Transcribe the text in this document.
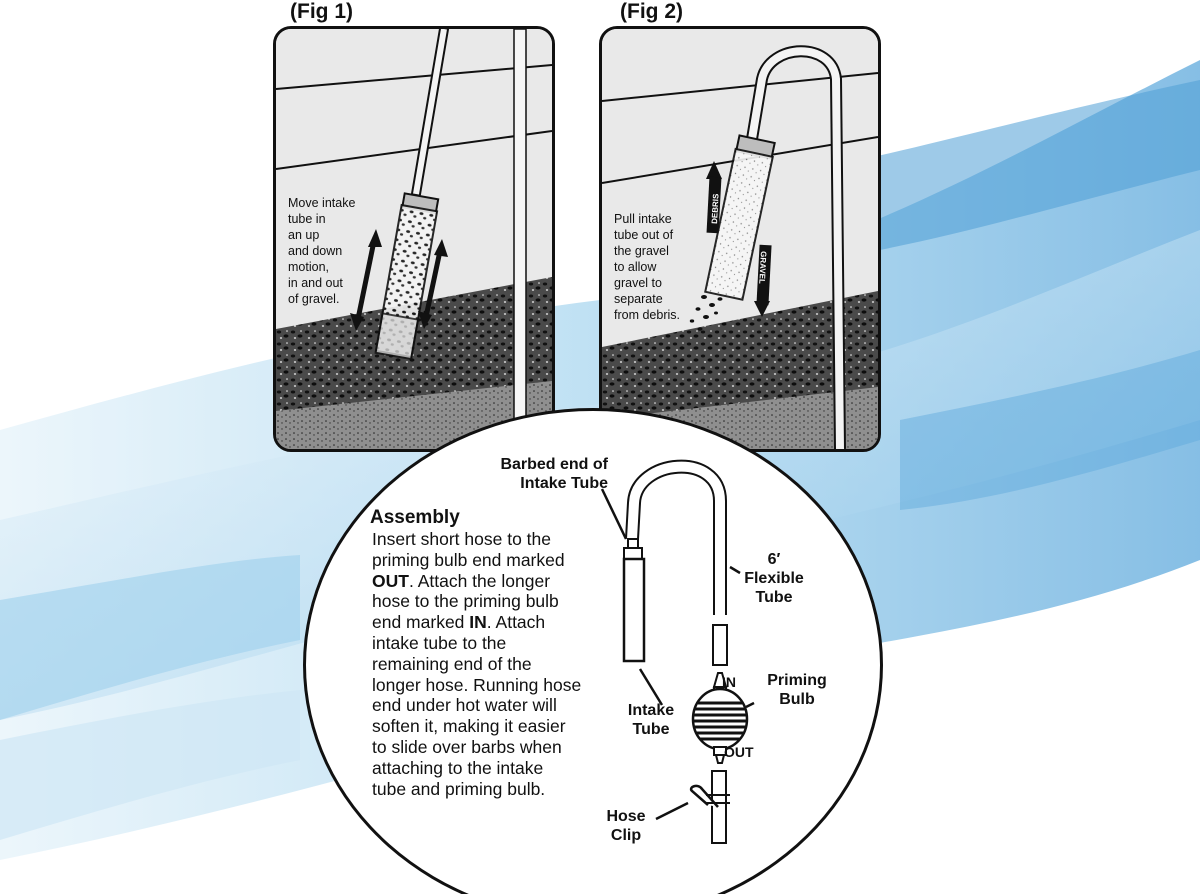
(Fig 1)
Move intake
tube in
an up
and down
motion,
in and out
of gravel.
(Fig 2)
DEBRIS
GRAVEL
Pull intake
tube out of
the gravel
to allow
gravel to
separate
from debris.
Assembly
Insert short hose to the
priming bulb end marked
OUT. Attach the longer
hose to the priming bulb
end marked IN. Attach
intake tube to the
remaining end of the
longer hose. Running hose
end under hot water will
soften it, making it easier
to slide over barbs when
attaching to the intake
tube and priming bulb.
Barbed end of
Intake Tube
6′
Flexible
Tube
Intake
Tube
Priming
Bulb
IN
OUT
Hose
Clip
